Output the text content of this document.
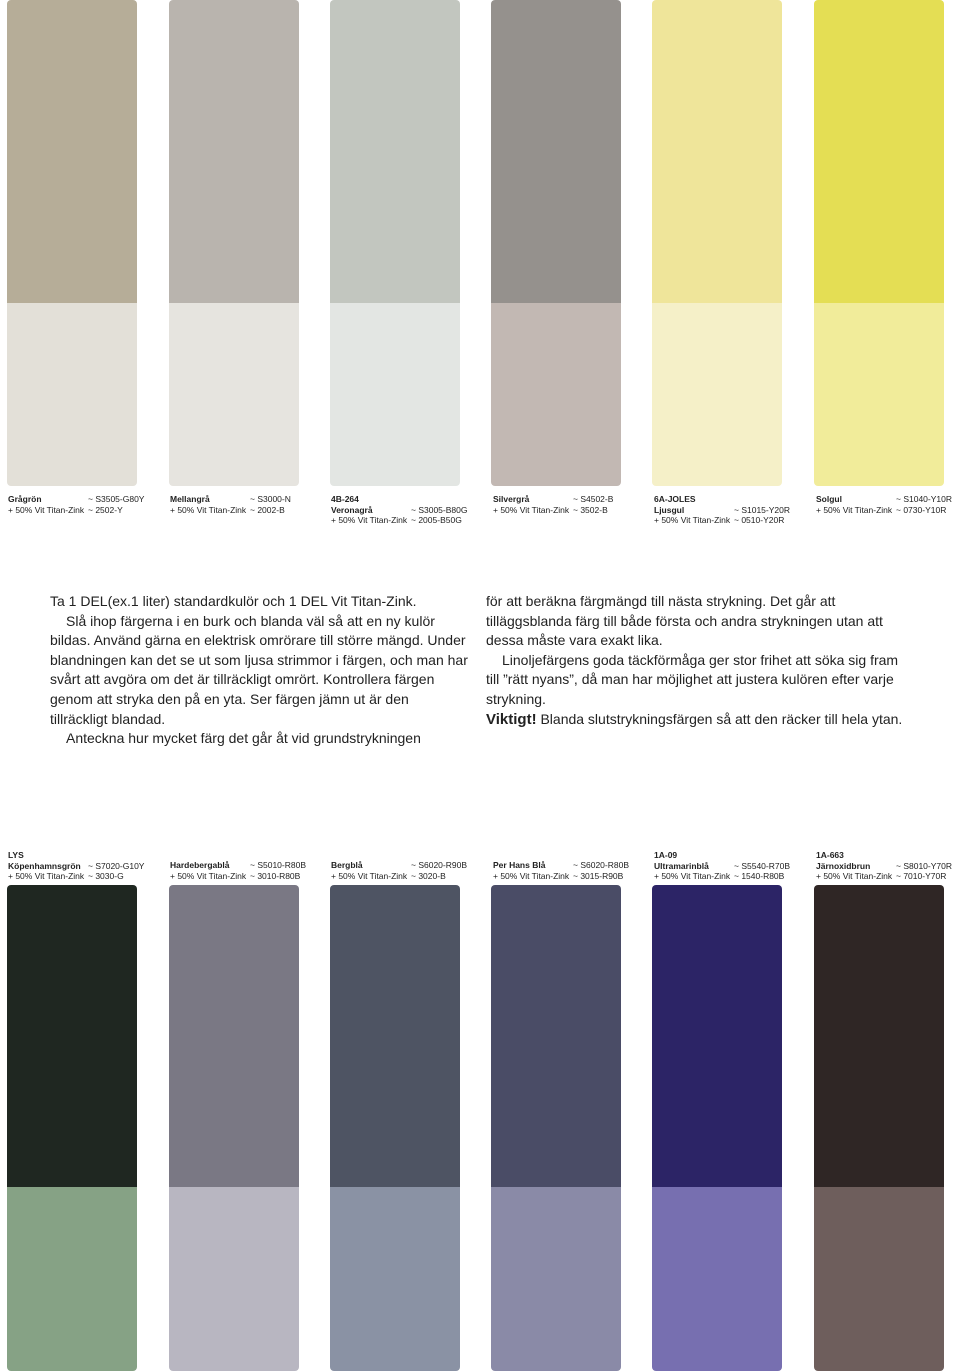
Grågrön	~ S3505-G80Y
+ 50% Vit Titan-Zink ~ 2502-Y
Mellangrå	~ S3000-N
+ 50% Vit Titan-Zink ~ 2002-B
4B-264
Veronagrå	~ S3005-B80G
+ 50% Vit Titan-Zink ~ 2005-B50G
Silvergrå	~ S4502-B
+ 50% Vit Titan-Zink ~ 3502-B
6A-JOLES
Ljusgul	~ S1015-Y20R
+ 50% Vit Titan-Zink ~ 0510-Y20R
Solgul	~ S1040-Y10R
+ 50% Vit Titan-Zink ~ 0730-Y10R

Ta 1 DEL(ex.1 liter) standardkulör och 1 DEL Vit Titan-Zink.

Slå ihop färgerna i en burk och blanda väl så att en ny kulör bildas. Använd gärna en elektrisk omrörare till större mängd. Under blandningen kan det se ut som ljusa strimmor i färgen, och man har svårt att avgöra om det är tillräckligt omrört. Kontrollera färgen genom att stryka den på en yta. Ser färgen jämn ut är den tillräckligt blandad.

Anteckna hur mycket färg det går åt vid grundstrykningen

för att beräkna färgmängd till nästa strykning. Det går att tilläggsblanda färg till både första och andra strykningen utan att dessa måste vara exakt lika.

Linoljefärgens goda täckförmåga ger stor frihet att söka sig fram till ”rätt nyans”, då man har möjlighet att justera kulören efter varje strykning.

Viktigt! Blanda slutstrykningsfärgen så att den räcker till hela ytan.

LYS
Köpenhamnsgrön ~ S7020-G10Y
+ 50% Vit Titan-Zink ~ 3030-G
Hardebergablå ~ S5010-R80B
+ 50% Vit Titan-Zink ~ 3010-R80B
Bergblå	~ S6020-R90B
+ 50% Vit Titan-Zink ~ 3020-B
Per Hans Blå	~ S6020-R80B
+ 50% Vit Titan-Zink ~ 3015-R90B
1A-09
Ultramarinblå	~ S5540-R70B
+ 50% Vit Titan-Zink ~ 1540-R80B
1A-663
Järnoxidbrun	~ S8010-Y70R
+ 50% Vit Titan-Zink ~ 7010-Y70R
